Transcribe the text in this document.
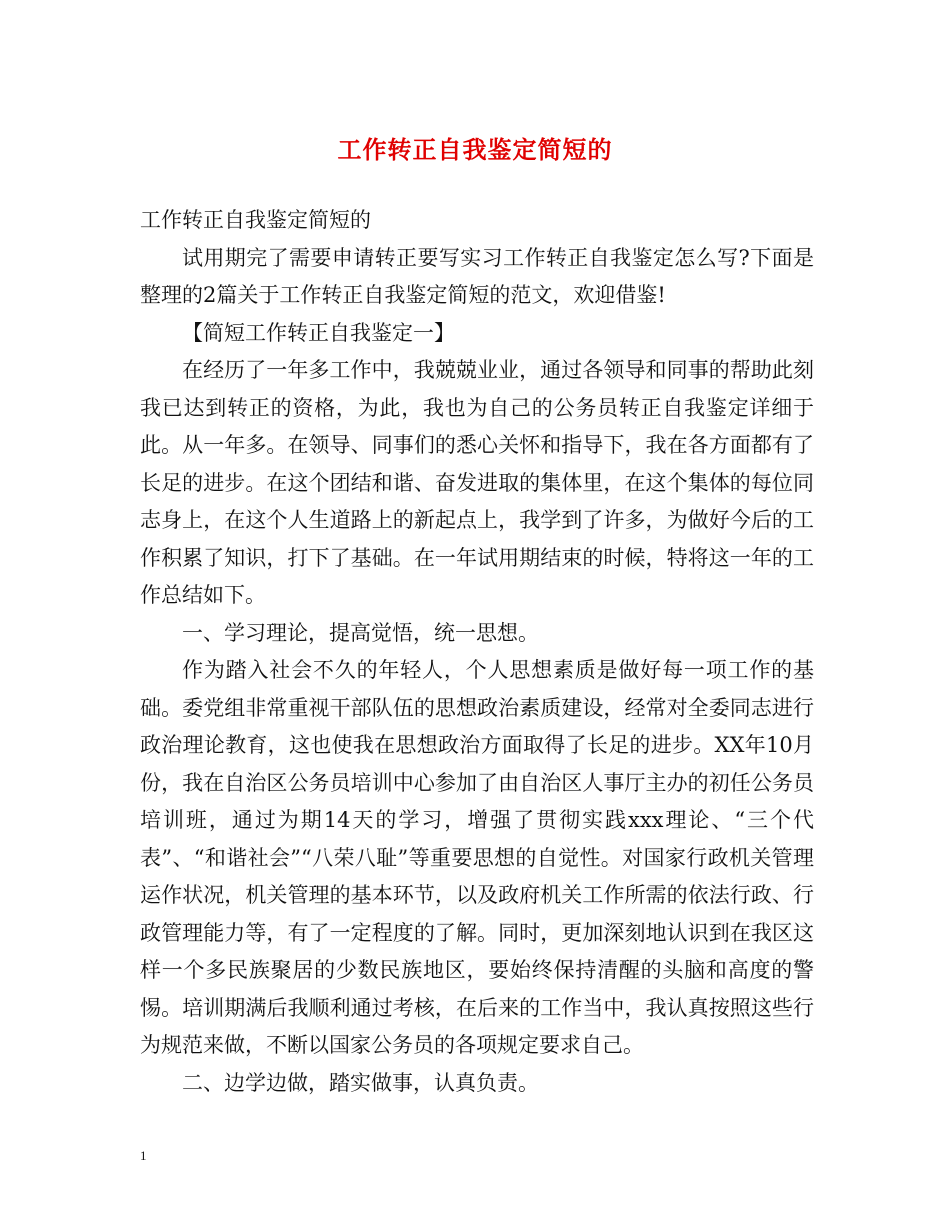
工作转正自我鉴定简短的

工作转正自我鉴定简短的

试用期完了需要申请转正要写实习工作转正自我鉴定怎么写?下面是整理的2篇关于工作转正自我鉴定简短的范文，欢迎借鉴!

【简短工作转正自我鉴定一】

在经历了一年多工作中，我兢兢业业，通过各领导和同事的帮助此刻我已达到转正的资格，为此，我也为自己的公务员转正自我鉴定详细于此。从一年多。在领导、同事们的悉心关怀和指导下，我在各方面都有了长足的进步。在这个团结和谐、奋发进取的集体里，在这个集体的每位同志身上，在这个人生道路上的新起点上，我学到了许多，为做好今后的工作积累了知识，打下了基础。在一年试用期结束的时候，特将这一年的工作总结如下。

一、学习理论，提高觉悟，统一思想。

作为踏入社会不久的年轻人，个人思想素质是做好每一项工作的基础。委党组非常重视干部队伍的思想政治素质建设，经常对全委同志进行政治理论教育，这也使我在思想政治方面取得了长足的进步。XX年10月份，我在自治区公务员培训中心参加了由自治区人事厅主办的初任公务员培训班，通过为期14天的学习，增强了贯彻实践xxx理论、“三个代表”、“和谐社会”“八荣八耻”等重要思想的自觉性。对国家行政机关管理运作状况，机关管理的基本环节，以及政府机关工作所需的依法行政、行政管理能力等，有了一定程度的了解。同时，更加深刻地认识到在我区这样一个多民族聚居的少数民族地区，要始终保持清醒的头脑和高度的警惕。培训期满后我顺利通过考核，在后来的工作当中，我认真按照这些行为规范来做，不断以国家公务员的各项规定要求自己。

二、边学边做，踏实做事，认真负责。

1
